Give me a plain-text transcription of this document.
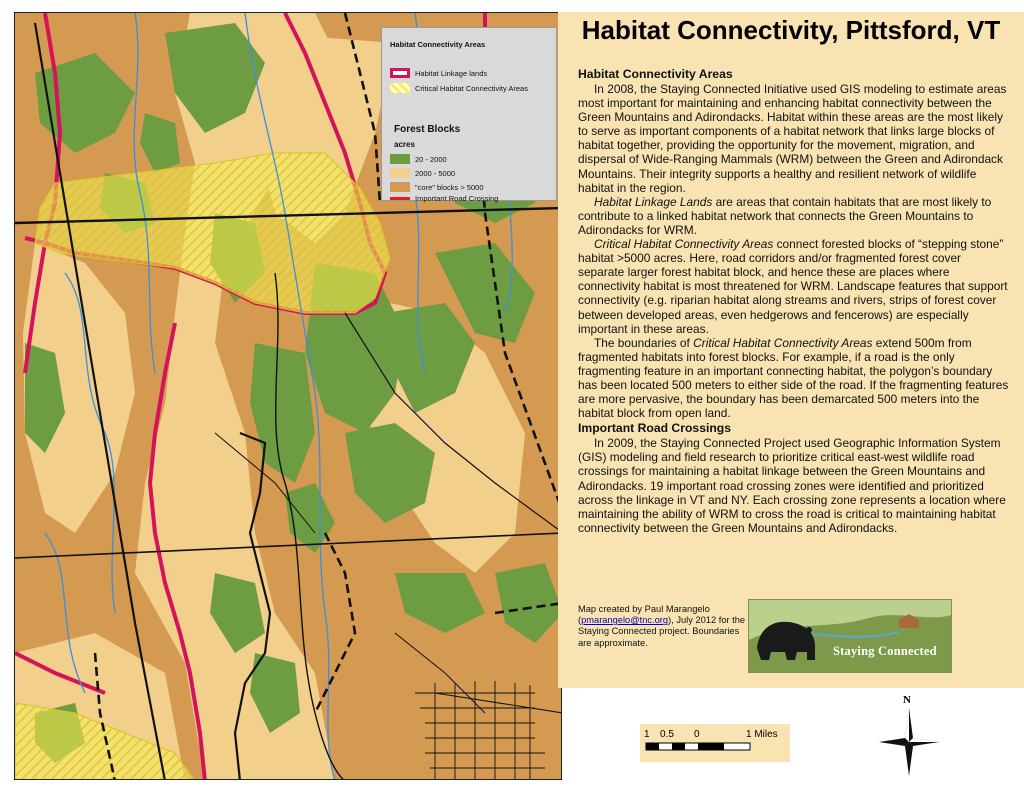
Habitat Connectivity Areas
Habitat Linkage lands
Critical Habitat Connectivity Areas
Forest Blocks
acres
20 - 2000
2000 - 5000
"core" blocks > 5000
Important Road Crossing
Habitat Connectivity, Pittsford, VT
Habitat Connectivity Areas

In 2008, the Staying Connected Initiative used GIS modeling to estimate areas most important for maintaining and enhancing habitat connectivity between the Green Mountains and Adirondacks. Habitat within these areas are the most likely to serve as important components of a habitat network that links large blocks of habitat together, providing the opportunity for the movement, migration, and dispersal of Wide-Ranging Mammals (WRM) between the Green and Adirondack Mountains. Their integrity supports a healthy and resilient network of wildlife habitat in the region.

Habitat Linkage Lands are areas that contain habitats that are most likely to contribute to a linked habitat network that connects the Green Mountains to Adirondacks for WRM.

Critical Habitat Connectivity Areas connect forested blocks of “stepping stone” habitat >5000 acres. Here, road corridors and/or fragmented forest cover separate larger forest habitat block, and hence these are places where connectivity habitat is most threatened for WRM. Landscape features that support connectivity (e.g. riparian habitat along streams and rivers, strips of forest cover between developed areas, even hedgerows and fencerows) are especially important in these areas.

The boundaries of Critical Habitat Connectivity Areas extend 500m from fragmented habitats into forest blocks. For example, if a road is the only fragmenting feature in an important connecting habitat, the polygon’s boundary has been located 500 meters to either side of the road. If the fragmenting features are more pervasive, the boundary has been demarcated 500 meters into the habitat block from open land.

Important Road Crossings

In 2009, the Staying Connected Project used Geographic Information System (GIS) modeling and field research to prioritize critical east-west wildlife road crossings for maintaining a habitat linkage between the Green Mountains and Adirondacks. 19 important road crossing zones were identified and prioritized across the linkage in VT and NY. Each crossing zone represents a location where maintaining the ability of WRM to cross the road is critical to maintaining habitat connectivity between the Green Mountains and Adirondacks.

Map created by Paul Marangelo
(pmarangelo@tnc.org), July 2012 for the Staying Connected project. Boundaries are approximate.
Staying Connected
1 0.5 0	1 Miles
N
